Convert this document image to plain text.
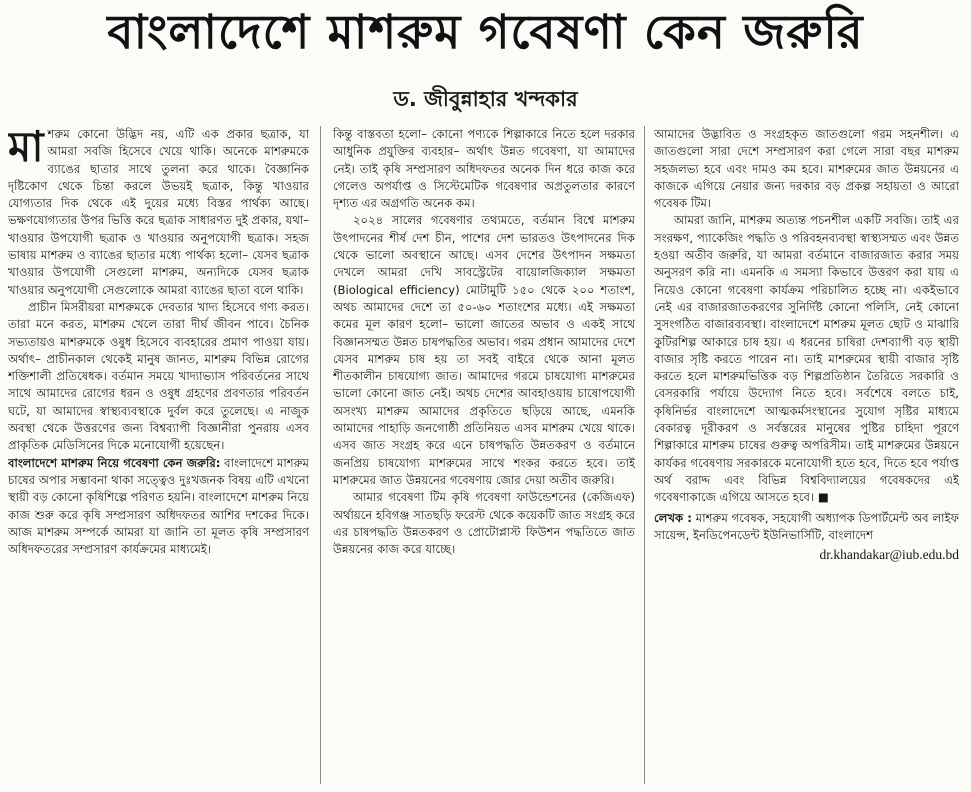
বাংলাদেশে মাশরুম গবেষণা কেন জরুরি
ড. জীবুন্নাহার খন্দকার

মাশরুম কোনো উদ্ভিদ নয়, এটি এক প্রকার ছত্রাক, যা আমরা সবজি হিসেবে খেয়ে থাকি। অনেকে মাশরুমকে ব্যাঙের ছাতার সাথে তুলনা করে থাকে। বৈজ্ঞানিক দৃষ্টিকোণ থেকে চিন্তা করলে উভয়ই ছত্রাক, কিন্তু খাওয়ার যোগ্যতার দিক থেকে এই দুয়ের মধ্যে বিস্তর পার্থক্য আছে। ভক্ষণযোগ্যতার উপর ভিত্তি করে ছত্রাক সাধারণত দুই প্রকার, যথা– খাওয়ার উপযোগী ছত্রাক ও খাওয়ার অনুপযোগী ছত্রাক। সহজ ভাষায় মাশরুম ও ব্যাঙের ছাতার মধ্যে পার্থক্য হলো– যেসব ছত্রাক খাওয়ার উপযোগী সেগুলো মাশরুম, অন্যদিকে যেসব ছত্রাক খাওয়ার অনুপযোগী সেগুলোকে আমরা ব্যাঙের ছাতা বলে থাকি।

প্রাচীন মিসরীয়রা মাশরুমকে দেবতার খাদ্য হিসেবে গণ্য করত। তারা মনে করত, মাশরুম খেলে তারা দীর্ঘ জীবন পাবে। চৈনিক সভ্যতায়ও মাশরুমকে ওষুধ হিসেবে ব্যবহারের প্রমাণ পাওয়া যায়। অর্থাৎ– প্রাচীনকাল থেকেই মানুষ জানত, মাশরুম বিভিন্ন রোগের শক্তিশালী প্রতিষেধক। বর্তমান সময়ে খাদ্যাভ্যাস পরিবর্তনের সাথে সাথে আমাদের রোগের ধরন ও ওষুধ গ্রহণের প্রবণতার পরিবর্তন ঘটে, যা আমাদের স্বাস্থ্যব্যবস্থাকে দুর্বল করে তুলেছে। এ নাজুক অবস্থা থেকে উত্তরণের জন্য বিশ্বব্যাপী বিজ্ঞানীরা পুনরায় এসব প্রাকৃতিক মেডিসিনের দিকে মনোযোগী হয়েছেন।

বাংলাদেশে মাশরুম নিয়ে গবেষণা কেন জরুরি: বাংলাদেশে মাশরুম চাষের অপার সম্ভাবনা থাকা সত্ত্বেও দুঃখজনক বিষয় এটি এখনো স্থায়ী বড় কোনো কৃষিশিল্পে পরিণত হয়নি। বাংলাদেশে মাশরুম নিয়ে কাজ শুরু করে কৃষি সম্প্রসারণ অধিদফতর আশির দশকের দিকে। আজ মাশরুম সম্পর্কে আমরা যা জানি তা মূলত কৃষি সম্প্রসারণ অধিদফতরের সম্প্রসারণ কার্যক্রমের মাধ্যমেই।

কিন্তু বাস্তবতা হলো– কোনো পণ্যকে শিল্পাকারে নিতে হলে দরকার আধুনিক প্রযুক্তির ব্যবহার– অর্থাৎ উন্নত গবেষণা, যা আমাদের নেই। তাই কৃষি সম্প্রসারণ অধিদফতর অনেক দিন ধরে কাজ করে গেলেও অপর্যাপ্ত ও সিস্টেমেটিক গবেষণার অপ্রতুলতার কারণে দৃশ্যত এর অগ্রগতি অনেক কম।

২০২৪ সালের গবেষণার তথ্যমতে, বর্তমান বিশ্বে মাশরুম উৎপাদনের শীর্ষ দেশ চীন, পাশের দেশ ভারতও উৎপাদনের দিক থেকে ভালো অবস্থানে আছে। এসব দেশের উৎপাদন সক্ষমতা দেখলে আমরা দেখি সাবস্ট্রেটের বায়োলজিক্যাল সক্ষমতা (Biological efficiency) মোটামুটি ১৫০ থেকে ২০০ শতাংশ, অথচ আমাদের দেশে তা ৫০-৬০ শতাংশের মধ্যে। এই সক্ষমতা কমের মূল কারণ হলো– ভালো জাতের অভাব ও একই সাথে বিজ্ঞানসম্মত উন্নত চাষপদ্ধতির অভাব। গরম প্রধান আমাদের দেশে যেসব মাশরুম চাষ হয় তা সবই বাইরে থেকে আনা মূলত শীতকালীন চাষযোগ্য জাত। আমাদের গরমে চাষযোগ্য মাশরুমের ভালো কোনো জাত নেই। অথচ দেশের আবহাওয়ায় চাষোপযোগী অসংখ্য মাশরুম আমাদের প্রকৃতিতে ছড়িয়ে আছে, এমনকি আমাদের পাহাড়ি জনগোষ্ঠী প্রতিনিয়ত এসব মাশরুম খেয়ে থাকে। এসব জাত সংগ্রহ করে এনে চাষপদ্ধতি উন্নতকরণ ও বর্তমানে জনপ্রিয় চাষযোগ্য মাশরুমের সাথে শংকর করতে হবে। তাই মাশরুমের জাত উন্নয়নের গবেষণায় জোর দেয়া অতীব জরুরি।

আমার গবেষণা টিম কৃষি গবেষণা ফাউন্ডেশনের (কেজিএফ) অর্থায়নে হবিগঞ্জ সাতছড়ি ফরেস্ট থেকে কয়েকটি জাত সংগ্রহ করে এর চাষপদ্ধতি উন্নতকরণ ও প্রোটোপ্লাস্ট ফিউশন পদ্ধতিতে জাত উন্নয়নের কাজ করে যাচ্ছে।

আমাদের উদ্ভাবিত ও সংগ্রহকৃত জাতগুলো গরম সহনশীল। এ জাতগুলো সারা দেশে সম্প্রসারণ করা গেলে সারা বছর মাশরুম সহজলভ্য হবে এবং দামও কম হবে। মাশরুমের জাত উন্নয়নের এ কাজকে এগিয়ে নেয়ার জন্য দরকার বড় প্রকল্প সহায়তা ও আরো গবেষক টিম।

আমরা জানি, মাশরুম অত্যন্ত পচনশীল একটি সবজি। তাই এর সংরক্ষণ, প্যাকেজিং পদ্ধতি ও পরিবহনব্যবস্থা স্বাস্থ্যসম্মত এবং উন্নত হওয়া অতীব জরুরি, যা আমরা বর্তমানে বাজারজাত করার সময় অনুসরণ করি না। এমনকি এ সমস্যা কিভাবে উত্তরণ করা যায় এ নিয়েও কোনো গবেষণা কার্যক্রম পরিচালিত হচ্ছে না। একইভাবে নেই এর বাজারজাতকরণের সুনির্দিষ্ট কোনো পলিসি, নেই কোনো সুসংগঠিত বাজারব্যবস্থা। বাংলাদেশে মাশরুম মূলত ছোট ও মাঝারি কুটিরশিল্প আকারে চাষ হয়। এ ধরনের চাষিরা দেশব্যাপী বড় স্থায়ী বাজার সৃষ্টি করতে পারেন না। তাই মাশরুমের স্থায়ী বাজার সৃষ্টি করতে হলে মাশরুমভিত্তিক বড় শিল্পপ্রতিষ্ঠান তৈরিতে সরকারি ও বেসরকারি পর্যায়ে উদ্যোগ নিতে হবে। সর্বশেষে বলতে চাই, কৃষিনির্ভর বাংলাদেশে আত্মকর্মসংস্থানের সুযোগ সৃষ্টির মাধ্যমে বেকারত্ব দূরীকরণ ও সর্বস্তরের মানুষের পুষ্টির চাহিদা পূরণে শিল্পাকারে মাশরুম চাষের গুরুত্ব অপরিসীম। তাই মাশরুমের উন্নয়নে কার্যকর গবেষণায় সরকারকে মনোযোগী হতে হবে, দিতে হবে পর্যাপ্ত অর্থ বরাদ্দ এবং বিভিন্ন বিশ্ববিদ্যালয়ের গবেষকদের এই গবেষণাকাজে এগিয়ে আসতে হবে। ■

লেখক : মাশরুম গবেষক, সহযোগী অধ্যাপক ডিপার্টমেন্ট অব লাইফ সায়েন্স, ইনডিপেনডেন্ট ইউনিভার্সিটি, বাংলাদেশ

dr.khandakar@iub.edu.bd
